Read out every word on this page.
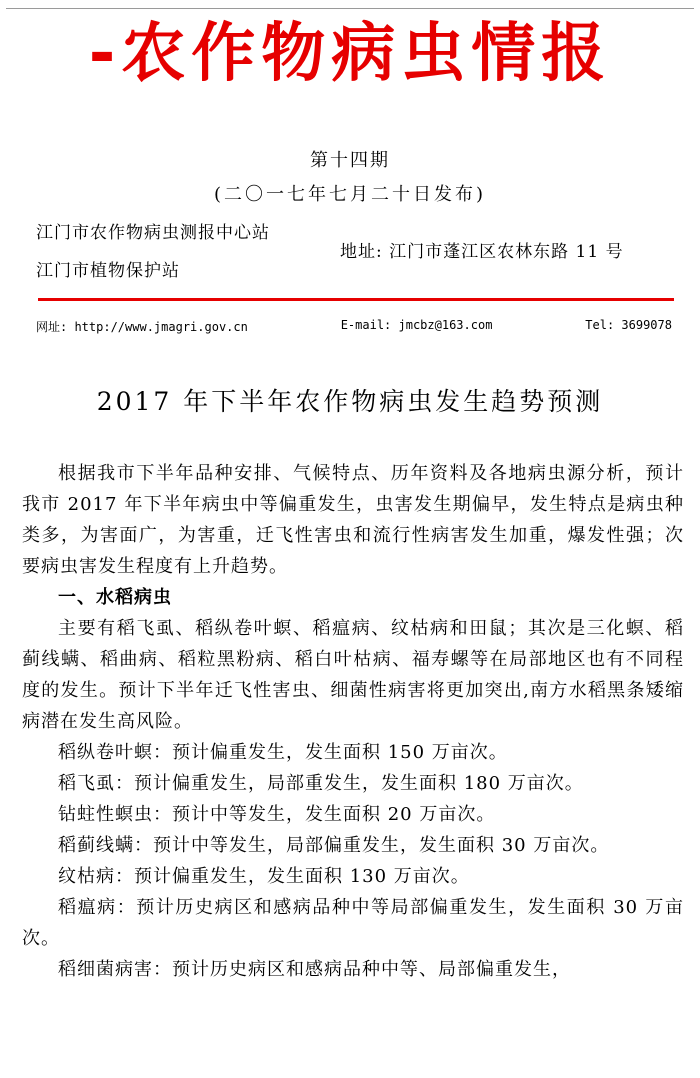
-农作物病虫情报
第十四期
(二〇一七年七月二十日发布)
江门市农作物病虫测报中心站
江门市植物保护站
地址: 江门市蓬江区农林东路 11 号
网址: http://www.jmagri.gov.cn	E-mail: jmcbz@163.com	Tel: 3699078
2017 年下半年农作物病虫发生趋势预测

根据我市下半年品种安排、气候特点、历年资料及各地病虫源分析，预计我市 2017 年下半年病虫中等偏重发生，虫害发生期偏早，发生特点是病虫种类多，为害面广，为害重，迁飞性害虫和流行性病害发生加重，爆发性强；次要病虫害发生程度有上升趋势。

一、水稻病虫

主要有稻飞虱、稻纵卷叶螟、稻瘟病、纹枯病和田鼠；其次是三化螟、稻蓟线螨、稻曲病、稻粒黑粉病、稻白叶枯病、福寿螺等在局部地区也有不同程度的发生。预计下半年迁飞性害虫、细菌性病害将更加突出,南方水稻黑条矮缩病潜在发生高风险。

稻纵卷叶螟：预计偏重发生，发生面积 150 万亩次。

稻飞虱：预计偏重发生，局部重发生，发生面积 180 万亩次。

钻蛀性螟虫：预计中等发生，发生面积 20 万亩次。

稻蓟线螨：预计中等发生，局部偏重发生，发生面积 30 万亩次。

纹枯病：预计偏重发生，发生面积 130 万亩次。

稻瘟病：预计历史病区和感病品种中等局部偏重发生，发生面积 30 万亩次。

稻细菌病害：预计历史病区和感病品种中等、局部偏重发生，
